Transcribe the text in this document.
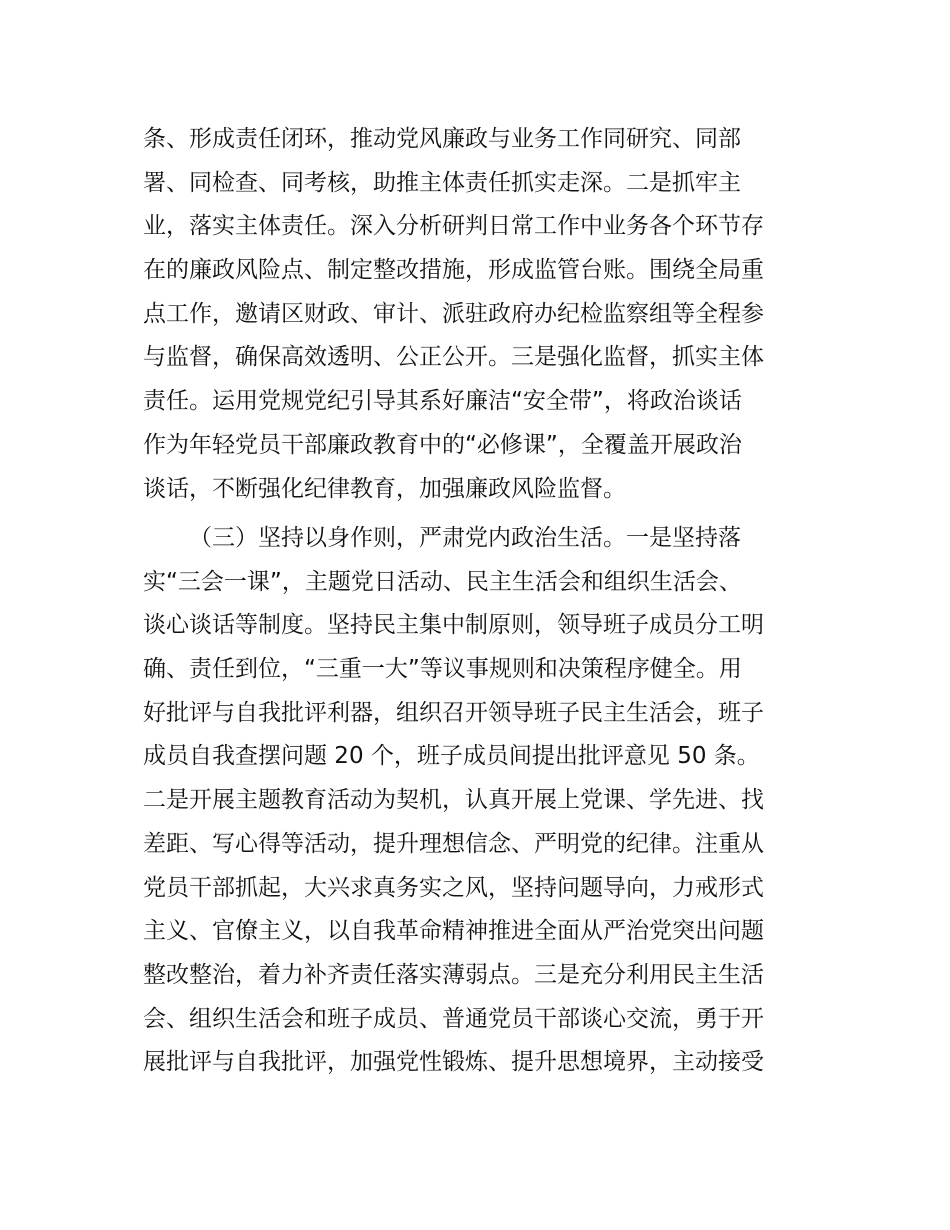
条、形成责任闭环，推动党风廉政与业务工作同研究、同部
署、同检查、同考核，助推主体责任抓实走深。二是抓牢主
业，落实主体责任。深入分析研判日常工作中业务各个环节存
在的廉政风险点、制定整改措施，形成监管台账。围绕全局重
点工作，邀请区财政、审计、派驻政府办纪检监察组等全程参
与监督，确保高效透明、公正公开。三是强化监督，抓实主体
责任。运用党规党纪引导其系好廉洁“安全带”，将政治谈话
作为年轻党员干部廉政教育中的“必修课”，全覆盖开展政治
谈话，不断强化纪律教育，加强廉政风险监督。
（三）坚持以身作则，严肃党内政治生活。一是坚持落
实“三会一课”，主题党日活动、民主生活会和组织生活会、
谈心谈话等制度。坚持民主集中制原则，领导班子成员分工明
确、责任到位，“三重一大”等议事规则和决策程序健全。用
好批评与自我批评利器，组织召开领导班子民主生活会，班子
成员自我查摆问题 20 个，班子成员间提出批评意见 50 条。
二是开展主题教育活动为契机，认真开展上党课、学先进、找
差距、写心得等活动，提升理想信念、严明党的纪律。注重从
党员干部抓起，大兴求真务实之风，坚持问题导向，力戒形式
主义、官僚主义，以自我革命精神推进全面从严治党突出问题
整改整治，着力补齐责任落实薄弱点。三是充分利用民主生活
会、组织生活会和班子成员、普通党员干部谈心交流，勇于开
展批评与自我批评，加强党性锻炼、提升思想境界，主动接受
